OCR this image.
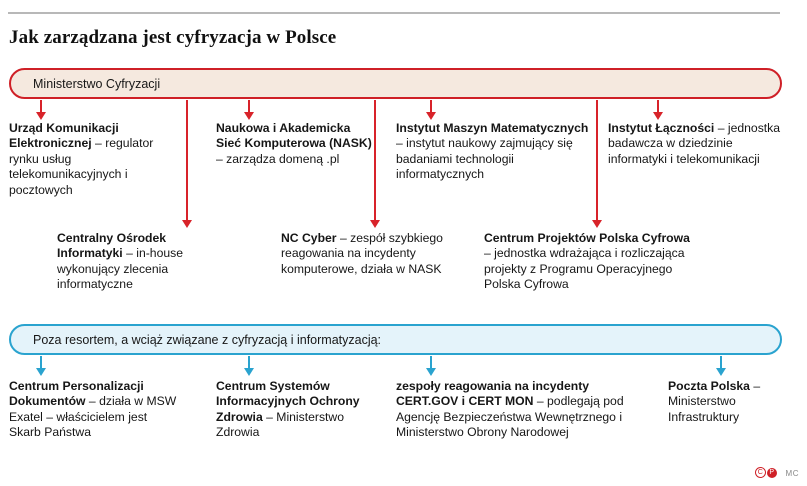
Jak zarządzana jest cyfryzacja w Polsce
Ministerstwo Cyfryzacji
Urząd Komunikacji Elektronicznej – regulator rynku usług telekomunikacyjnych i pocztowych
Naukowa i Akademicka Sieć Komputerowa (NASK) – zarządza domeną .pl
Instytut Maszyn Matematycznych – instytut naukowy zajmujący się badaniami technologii informatycznych
Instytut Łączności – jednostka badawcza w dziedzinie informatyki i telekomunikacji
Centralny Ośrodek Informatyki – in-house wykonujący zlecenia informatyczne
NC Cyber – zespół szybkiego reagowania na incydenty komputerowe, działa w NASK
Centrum Projektów Polska Cyfrowa – jednostka wdrażająca i rozliczająca projekty z Programu Operacyjnego Polska Cyfrowa
Poza resortem, a wciąż związane z cyfryzacją i informatyzacją:
Centrum Personalizacji Dokumentów – działa w MSW Exatel – właścicielem jest Skarb Państwa
Centrum Systemów Informacyjnych Ochrony Zdrowia – Ministerstwo Zdrowia
zespoły reagowania na incydenty CERT.GOV i CERT MON – podlegają pod Agencję Bezpieczeństwa Wewnętrznego i Ministerstwo Obrony Narodowej
Poczta Polska – Ministerstwo Infrastruktury
C P	MC
